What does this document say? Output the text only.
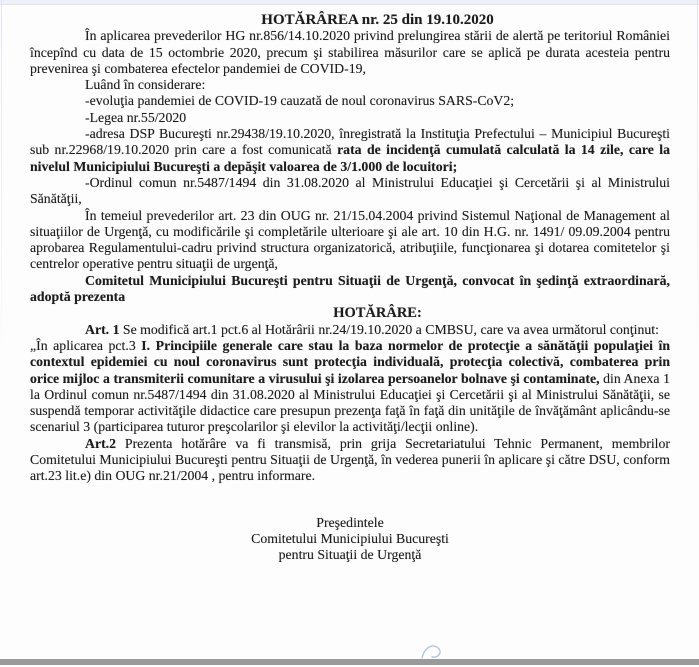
HOTĂRÂREA nr. 25 din 19.10.2020

În aplicarea prevederilor HG nr.856/14.10.2020 privind prelungirea stării de alertă pe teritoriul României începînd cu data de 15 octombrie 2020, precum şi stabilirea măsurilor care se aplică pe durata acesteia pentru prevenirea şi combaterea efectelor pandemiei de COVID-19,

Luând în considerare:

-evoluţia pandemiei de COVID-19 cauzată de noul coronavirus SARS-CoV2;

-Legea nr.55/2020

-adresa DSP Bucureşti nr.29438/19.10.2020, înregistrată la Instituţia Prefectului – Municipiul Bucureşti sub nr.22968/19.10.2020 prin care a fost comunicată rata de incidenţă cumulată calculată la 14 zile, care la nivelul Municipiului Bucureşti a depăşit valoarea de 3/1.000 de locuitori;

-Ordinul comun nr.5487/1494 din 31.08.2020 al Ministrului Educaţiei şi Cercetării şi al Ministrului Sănătăţii,

În temeiul prevederilor art. 23 din OUG nr. 21/15.04.2004 privind Sistemul Naţional de Management al situaţiilor de Urgenţă, cu modificările şi completările ulterioare şi ale art. 10 din H.G. nr. 1491/ 09.09.2004 pentru aprobarea Regulamentului-cadru privind structura organizatorică, atribuţiile, funcţionarea şi dotarea comitetelor şi centrelor operative pentru situaţii de urgenţă,

Comitetul Municipiului Bucureşti pentru Situaţii de Urgenţă, convocat în şedinţă extraordinară, adoptă prezenta

HOTĂRÂRE:

Art. 1 Se modifică art.1 pct.6 al Hotărârii nr.24/19.10.2020 a CMBSU, care va avea următorul conţinut:

„În aplicarea pct.3 I. Principiile generale care stau la baza normelor de protecţie a sănătăţii populaţiei în contextul epidemiei cu noul coronavirus sunt protecţia individuală, protecţia colectivă, combaterea prin orice mijloc a transmiterii comunitare a virusului şi izolarea persoanelor bolnave şi contaminate, din Anexa 1 la Ordinul comun nr.5487/1494 din 31.08.2020 al Ministrului Educaţiei şi Cercetării şi al Ministrului Sănătăţii, se suspendă temporar activităţile didactice care presupun prezenţa faţă în faţă din unităţile de învăţământ aplicându-se scenariul 3 (participarea tuturor preşcolarilor şi elevilor la activităţi/lecţii online).

Art.2 Prezenta hotărâre va fi transmisă, prin grija Secretariatului Tehnic Permanent, membrilor Comitetului Municipiului Bucureşti pentru Situaţii de Urgenţă, în vederea punerii în aplicare şi către DSU, conform art.23 lit.e) din OUG nr.21/2004 , pentru informare.

Preşedintele

Comitetului Municipiului Bucureşti

pentru Situaţii de Urgenţă
